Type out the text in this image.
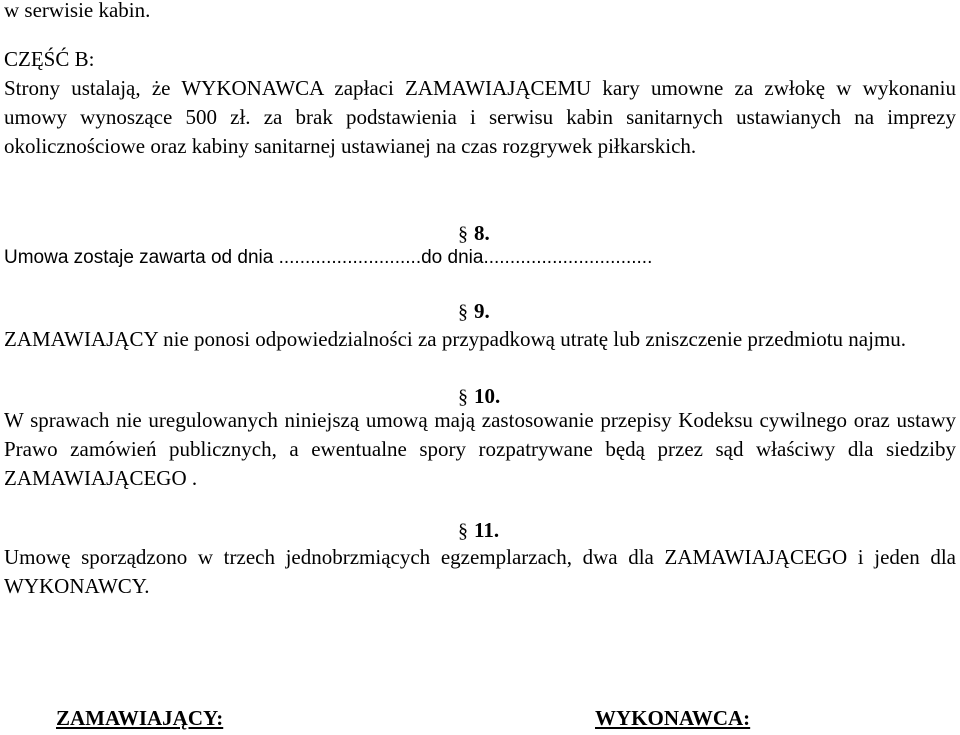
w serwisie kabin.

CZĘŚĆ B:

Strony ustalają, że WYKONAWCA zapłaci ZAMAWIAJĄCEMU kary umowne za zwłokę w wykonaniu umowy wynoszące 500 zł. za brak podstawienia i serwisu kabin sanitarnych ustawianych na imprezy okolicznościowe oraz kabiny sanitarnej ustawianej na czas rozgrywek piłkarskich.

§ 8.

Umowa zostaje zawarta od dnia ...........................do dnia................................

§ 9.

ZAMAWIAJĄCY nie ponosi odpowiedzialności za przypadkową utratę lub zniszczenie przedmiotu najmu.

§ 10.

W sprawach nie uregulowanych niniejszą umową mają zastosowanie przepisy Kodeksu cywilnego oraz ustawy Prawo zamówień publicznych, a ewentualne spory rozpatrywane będą przez sąd właściwy dla siedziby ZAMAWIAJĄCEGO .

§ 11.

Umowę sporządzono w trzech jednobrzmiących egzemplarzach, dwa dla ZAMAWIAJĄCEGO i jeden dla WYKONAWCY.

ZAMAWIAJĄCY:	WYKONAWCA:
